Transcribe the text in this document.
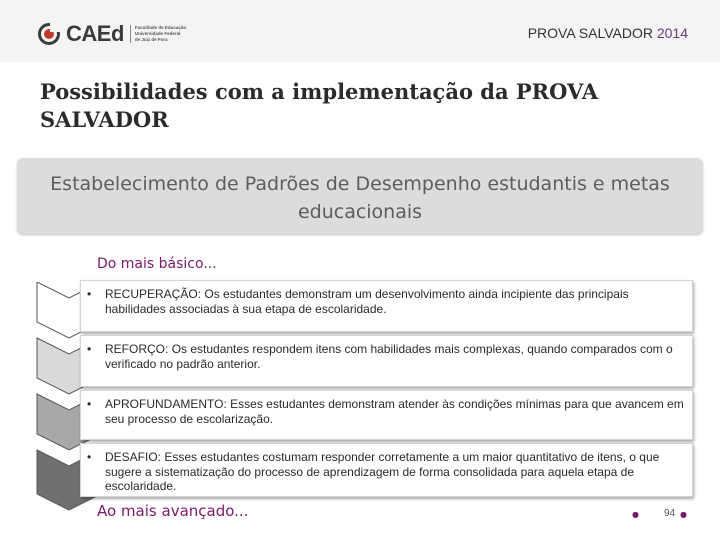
CAEd Faculdade de Educação
Universidade Federal
de Juiz de Fora	PROVA SALVADOR 2014
Possibilidades com a implementação da PROVA SALVADOR
Estabelecimento de Padrões de Desempenho estudantis e metas educacionais
Do mais básico...
• RECUPERAÇÃO: Os estudantes demonstram um desenvolvimento ainda incipiente das principais habilidades associadas à sua etapa de escolaridade.
• REFORÇO: Os estudantes respondem itens com habilidades mais complexas, quando comparados com o verificado no padrão anterior.
• APROFUNDAMENTO: Esses estudantes demonstram atender às condições mínimas para que avancem em seu processo de escolarização.
• DESAFIO: Esses estudantes costumam responder corretamente a um maior quantitativo de itens, o que sugere a sistematização do processo de aprendizagem de forma consolidada para aquela etapa de escolaridade.
Ao mais avançado...	●	94 ●
